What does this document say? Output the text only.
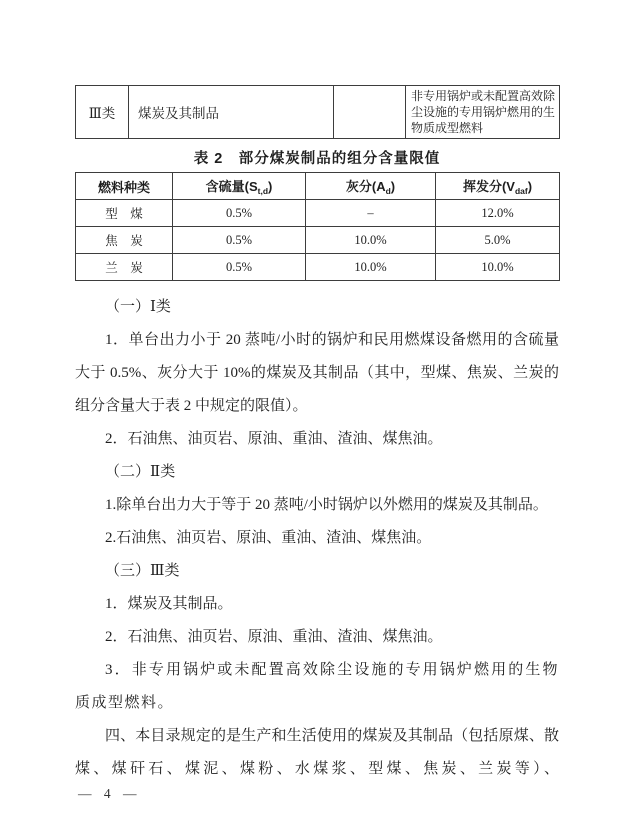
Ⅲ类	煤炭及其制品		非专用锅炉或未配置高效除尘设施的专用锅炉燃用的生物质成型燃料
表 2　部分煤炭制品的组分含量限值
燃料种类	含硫量$(S_{t,d})$	灰分$(A_d)$	挥发分$(V_{daf})$
型　煤	0.5%	–	12.0%
焦　炭	0.5%	10.0%	5.0%
兰　炭	0.5%	10.0%	10.0%

（一）Ⅰ类

1．单台出力小于 20 蒸吨/小时的锅炉和民用燃煤设备燃用的含硫量大于 0.5%、灰分大于 10%的煤炭及其制品（其中，型煤、焦炭、兰炭的组分含量大于表 2 中规定的限值）。

2．石油焦、油页岩、原油、重油、渣油、煤焦油。

（二）Ⅱ类

1.除单台出力大于等于 20 蒸吨/小时锅炉以外燃用的煤炭及其制品。

2.石油焦、油页岩、原油、重油、渣油、煤焦油。

（三）Ⅲ类

1．煤炭及其制品。

2．石油焦、油页岩、原油、重油、渣油、煤焦油。

3．非专用锅炉或未配置高效除尘设施的专用锅炉燃用的生物质成型燃料。

四、本目录规定的是生产和生活使用的煤炭及其制品（包括原煤、散煤、煤矸石、煤泥、煤粉、水煤浆、型煤、焦炭、兰炭等）、

— 4 —
